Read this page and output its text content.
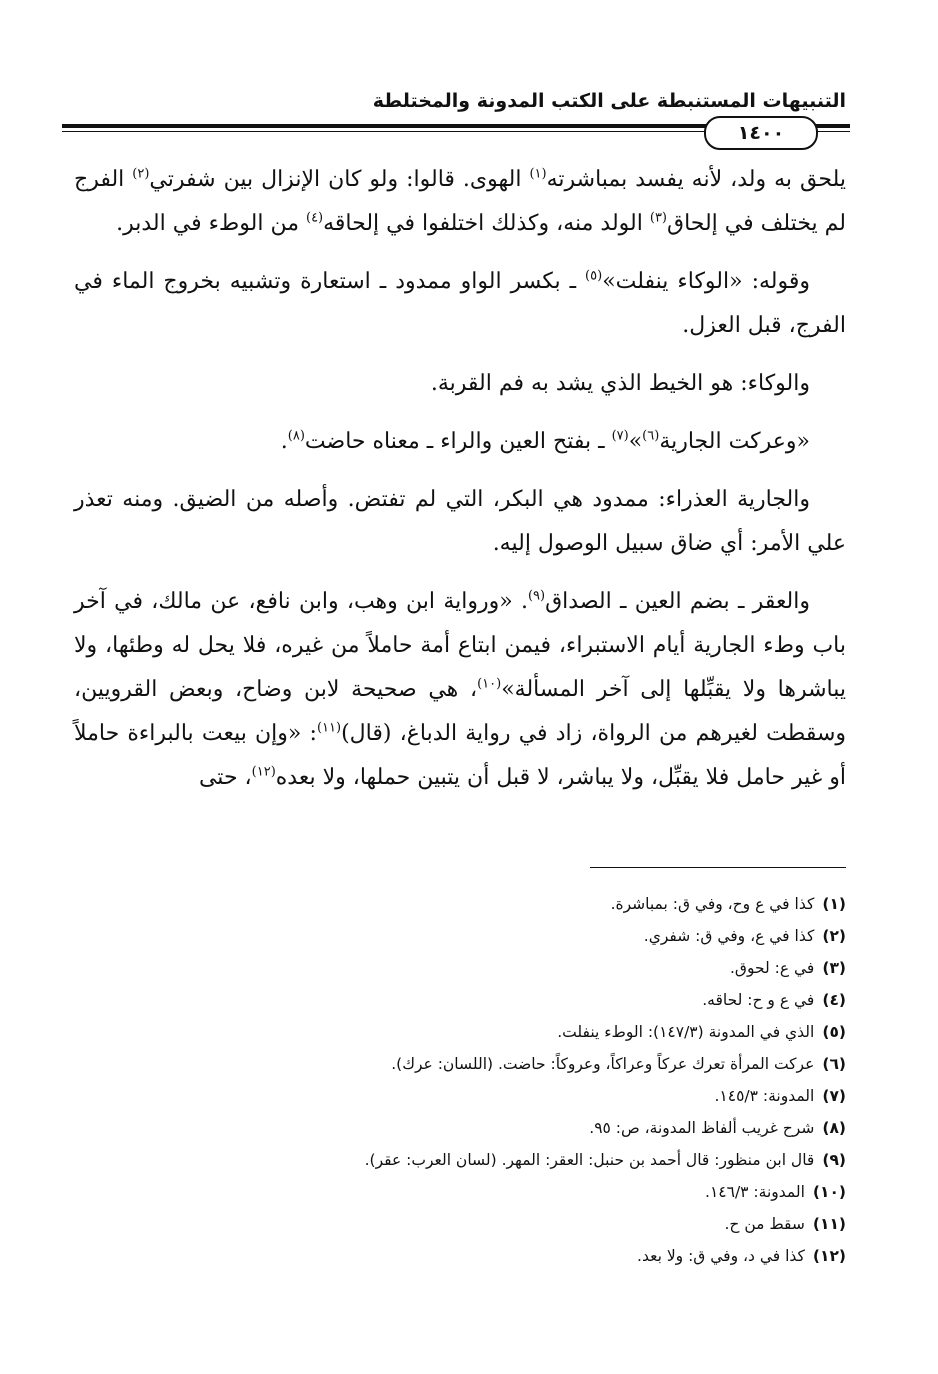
التنبيهات المستنبطة على الكتب المدونة والمختلطة
١٤٠٠

يلحق به ولد، لأنه يفسد بمباشرته$^{(١)}$ الهوى. قالوا: ولو كان الإنزال بين شفرتي$^{(٢)}$ الفرج لم يختلف في إلحاق$^{(٣)}$ الولد منه، وكذلك اختلفوا في إلحاقه$^{(٤)}$ من الوطء في الدبر.

وقوله: «الوكاء ينفلت»$^{(٥)}$ ـ بكسر الواو ممدود ـ استعارة وتشبيه بخروج الماء في الفرج، قبل العزل.

والوكاء: هو الخيط الذي يشد به فم القربة.

«وعركت الجارية$^{(٦)}$»$^{(٧)}$ ـ بفتح العين والراء ـ معناه حاضت$^{(٨)}$.

والجارية العذراء: ممدود هي البكر، التي لم تفتض. وأصله من الضيق. ومنه تعذر علي الأمر: أي ضاق سبيل الوصول إليه.

والعقر ـ بضم العين ـ الصداق$^{(٩)}$. «ورواية ابن وهب، وابن نافع، عن مالك، في آخر باب وطء الجارية أيام الاستبراء، فيمن ابتاع أمة حاملاً من غيره، فلا يحل له وطئها، ولا يباشرها ولا يقبِّلها إلى آخر المسألة»$^{(١٠)}$، هي صحيحة لابن وضاح، وبعض القرويين، وسقطت لغيرهم من الرواة، زاد في رواية الدباغ، (قال)$^{(١١)}$: «وإن بيعت بالبراءة حاملاً أو غير حامل فلا يقبِّل، ولا يباشر، لا قبل أن يتبين حملها، ولا بعده$^{(١٢)}$، حتى

(١)كذا في ع وح، وفي ق: بمباشرة.
(٢)كذا في ع، وفي ق: شفري.
(٣)في ع: لحوق.
(٤)في ع و ح: لحاقه.
(٥)الذي في المدونة (١٤٧/٣): الوطء ينفلت.
(٦)عركت المرأة تعرك عركاً وعراكاً، وعروكاً: حاضت. (اللسان: عرك).
(٧)المدونة: ١٤٥/٣.
(٨)شرح غريب ألفاظ المدونة، ص: ٩٥.
(٩)قال ابن منظور: قال أحمد بن حنبل: العقر: المهر. (لسان العرب: عقر).
(١٠)المدونة: ١٤٦/٣.
(١١)سقط من ح.
(١٢)كذا في د، وفي ق: ولا بعد.
